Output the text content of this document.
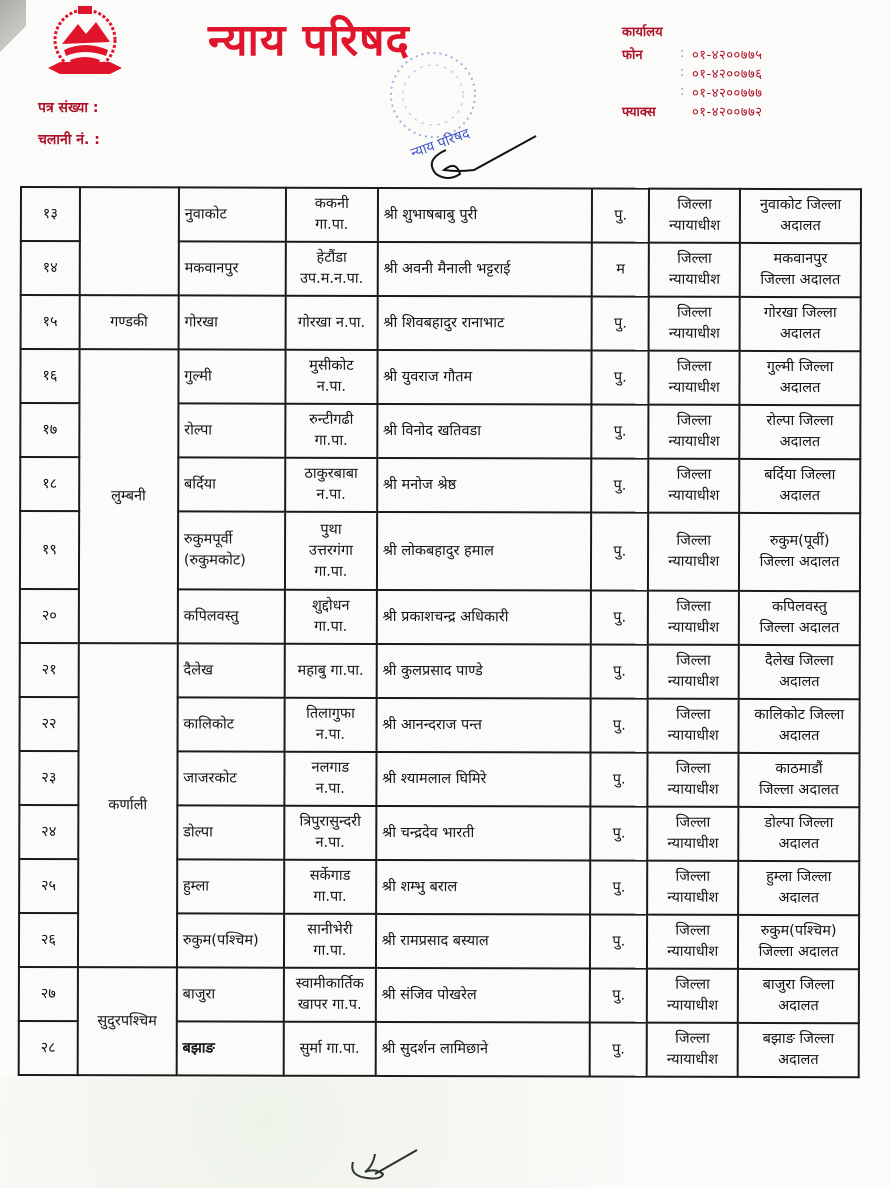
न्याय परिषद
पत्र संख्या :
चलानी नं. :
कार्यालय
फोन	: ०१-४२००७७५
: ०१-४२००७७६
: ०१-४२००७७७
फ्याक्स	०१-४२००७७२
न्याय परिषद
१३		नुवाकोट	ककनी
गा.पा.	श्री शुभाषबाबु पुरी	पु.	जिल्ला
न्यायाधीश	नुवाकोट जिल्ला
अदालत

१४		मकवानपुर	हेटौंडा
उप.म.न.पा.	श्री अवनी मैनाली भट्टराई	म	जिल्ला
न्यायाधीश	मकवानपुर
जिल्ला अदालत

१५	गण्डकी	गोरखा	गोरखा न.पा.	श्री शिवबहादुर रानाभाट	पु.	जिल्ला
न्यायाधीश	गोरखा जिल्ला
अदालत

१६	लुम्बनी	गुल्मी	मुसीकोट
न.पा.	श्री युवराज गौतम	पु.	जिल्ला
न्यायाधीश	गुल्मी जिल्ला
अदालत

१७		रोल्पा	रुन्टीगढी
गा.पा.	श्री विनोद खतिवडा	पु.	जिल्ला
न्यायाधीश	रोल्पा जिल्ला
अदालत

१८		बर्दिया	ठाकुरबाबा
न.पा.	श्री मनोज श्रेष्ठ	पु.	जिल्ला
न्यायाधीश	बर्दिया जिल्ला
अदालत

१९		रुकुमपूर्वी (रुकुमकोट)	पुथा
उत्तरगंगा
गा.पा.	श्री लोकबहादुर हमाल	पु.	जिल्ला
न्यायाधीश	रुकुम(पूर्वी)
जिल्ला अदालत

२०		कपिलवस्तु	शुद्दोधन
गा.पा.	श्री प्रकाशचन्द्र अधिकारी	पु.	जिल्ला
न्यायाधीश	कपिलवस्तु
जिल्ला अदालत

२१	कर्णाली	दैलेख	महाबु गा.पा.	श्री कुलप्रसाद पाण्डे	पु.	जिल्ला
न्यायाधीश	दैलेख जिल्ला
अदालत

२२		कालिकोट	तिलागुफा
न.पा.	श्री आनन्दराज पन्त	पु.	जिल्ला
न्यायाधीश	कालिकोट जिल्ला
अदालत

२३		जाजरकोट	नलगाड
न.पा.	श्री श्यामलाल घिमिरे	पु.	जिल्ला
न्यायाधीश	काठमाडौं
जिल्ला अदालत

२४		डोल्पा	त्रिपुरासुन्दरी
न.पा.	श्री चन्द्रदेव भारती	पु.	जिल्ला
न्यायाधीश	डोल्पा जिल्ला
अदालत

२५		हुम्ला	सर्केगाड
गा.पा.	श्री शम्भु बराल	पु.	जिल्ला
न्यायाधीश	हुम्ला जिल्ला
अदालत

२६		रुकुम(पश्चिम)	सानीभेरी
गा.पा.	श्री रामप्रसाद बस्याल	पु.	जिल्ला
न्यायाधीश	रुकुम(पश्चिम)
जिल्ला अदालत

२७	सुदुरपश्चिम	बाजुरा	स्वामीकार्तिक
खापर गा.प.	श्री संजिव पोखरेल	पु.	जिल्ला
न्यायाधीश	बाजुरा जिल्ला
अदालत

२८		बझाङ	सुर्मा गा.पा.	श्री सुदर्शन लामिछाने	पु.	जिल्ला
न्यायाधीश	बझाङ जिल्ला
अदालत
